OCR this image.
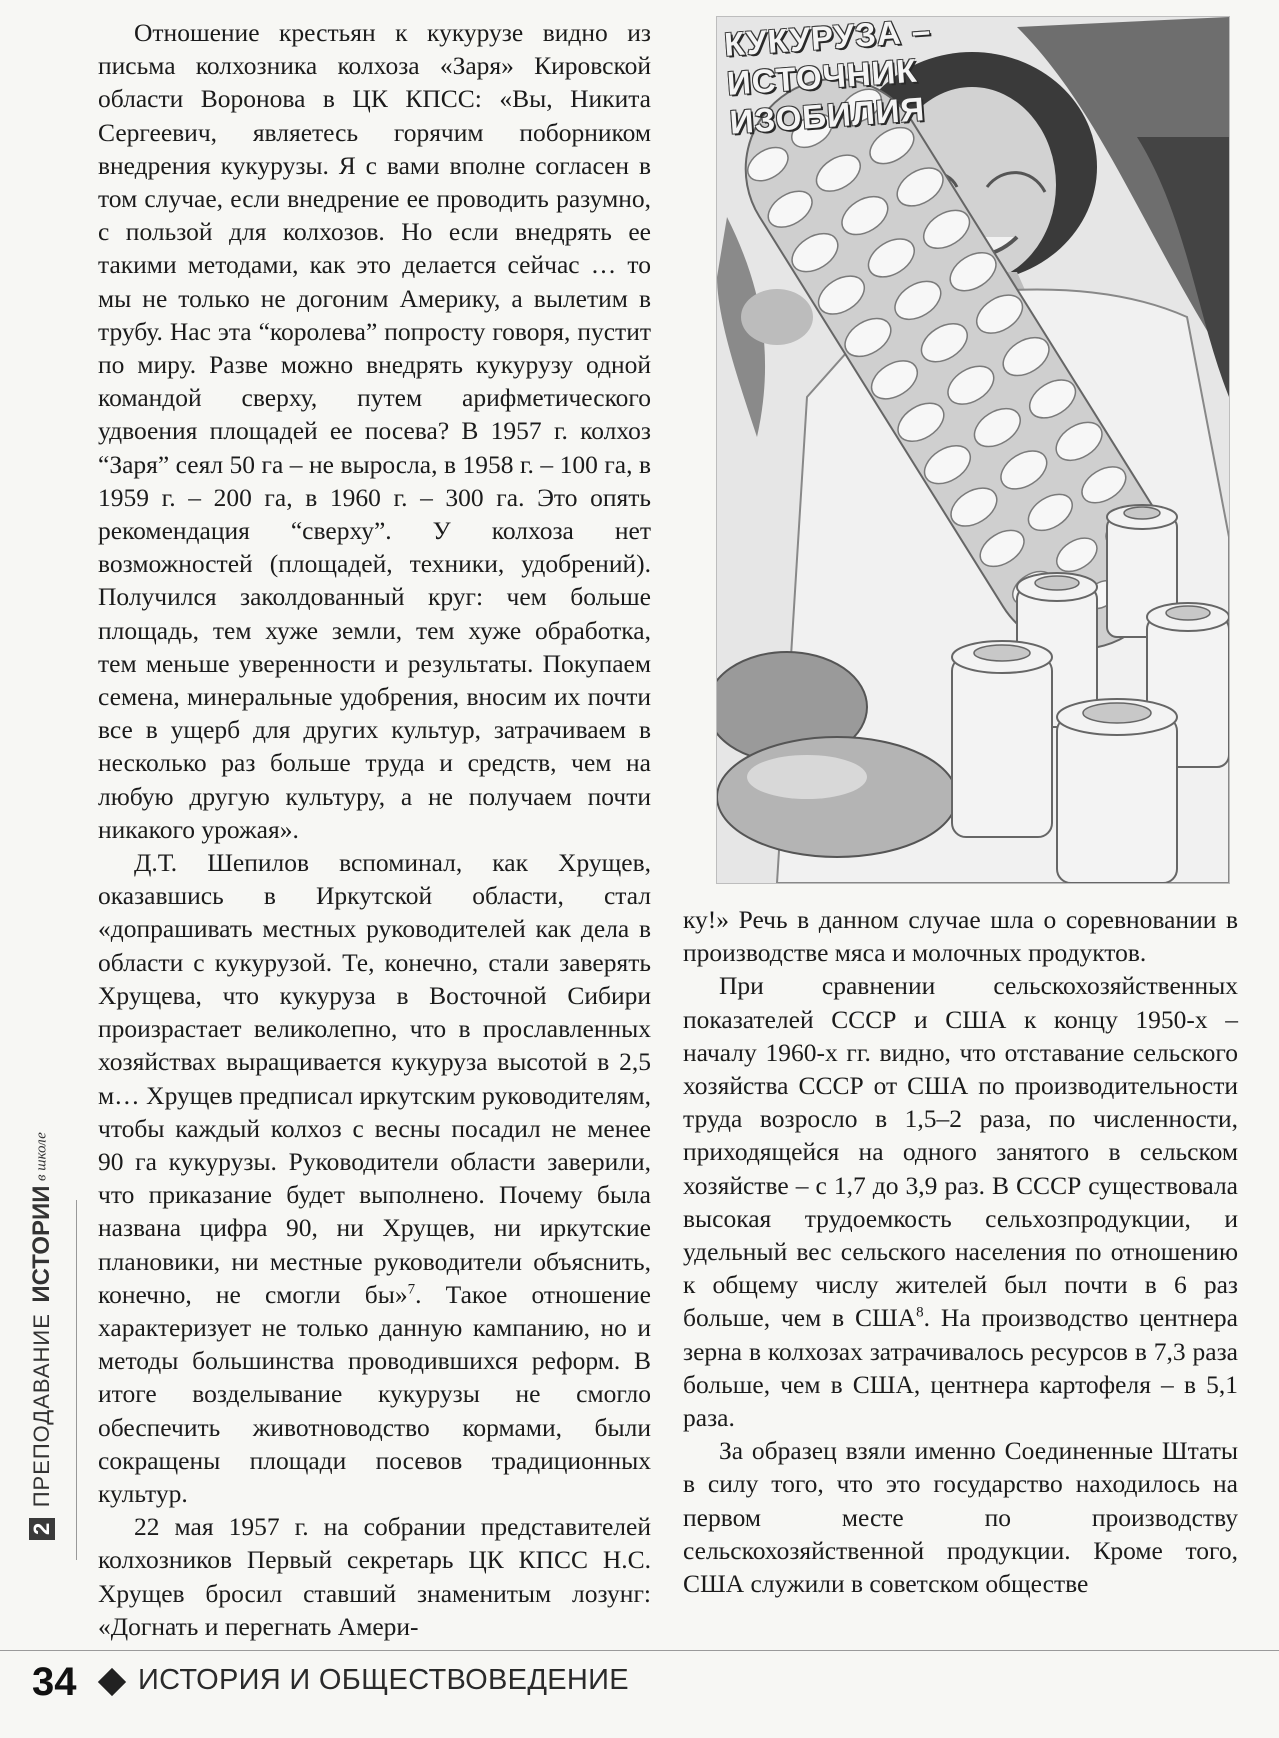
Отношение крестьян к кукурузе видно из письма колхозника колхоза «Заря» Кировской области Воронова в ЦК КПСС: «Вы, Никита Сергеевич, являетесь горячим поборником внедрения кукурузы. Я с вами вполне согласен в том случае, если внедрение ее проводить разумно, с пользой для колхозов. Но если внедрять ее такими методами, как это делается сейчас … то мы не только не догоним Америку, а вылетим в трубу. Нас эта “королева” попросту говоря, пустит по миру. Разве можно внедрять кукурузу одной командой сверху, путем арифметического удвоения площадей ее посева? В 1957 г. колхоз “Заря” сеял 50 га – не выросла, в 1958 г. – 100 га, в 1959 г. – 200 га, в 1960 г. – 300 га. Это опять рекомендация “сверху”. У колхоза нет возможностей (площадей, техники, удобрений). Получился заколдованный круг: чем больше площадь, тем хуже земли, тем хуже обработка, тем меньше уверенности и результаты. Покупаем семена, минеральные удобрения, вносим их почти все в ущерб для других культур, затрачиваем в несколько раз больше труда и средств, чем на любую другую культуру, а не получаем почти никакого урожая».

Д.Т. Шепилов вспоминал, как Хрущев, оказавшись в Иркутской области, стал «допрашивать местных руководителей как дела в области с кукурузой. Те, конечно, стали заверять Хрущева, что кукуруза в Восточной Сибири произрастает великолепно, что в прославленных хозяйствах выращивается кукуруза высотой в 2,5 м… Хрущев предписал иркутским руководителям, чтобы каждый колхоз с весны посадил не менее 90 га кукурузы. Руководители области заверили, что приказание будет выполнено. Почему была названа цифра 90, ни Хрущев, ни иркутские плановики, ни местные руководители объяснить, конечно, не смогли бы»$^7$. Такое отношение характеризует не только данную кампанию, но и методы большинства проводившихся реформ. В итоге возделывание кукурузы не смогло обеспечить животноводство кормами, были сокращены площади посевов традиционных культур.

22 мая 1957 г. на собрании представителей колхозников Первый секретарь ЦК КПСС Н.С. Хрущев бросил ставший знаменитым лозунг: «Догнать и перегнать Амери-

КУКУРУЗА –
ИСТОЧНИК
ИЗОБИЛИЯ

ку!» Речь в данном случае шла о соревновании в производстве мяса и молочных продуктов.

При сравнении сельскохозяйственных показателей СССР и США к концу 1950-х – началу 1960-х гг. видно, что отставание сельского хозяйства СССР от США по производительности труда возросло в 1,5–2 раза, по численности, приходящейся на одного занятого в сельском хозяйстве – с 1,7 до 3,9 раз. В СССР существовала высокая трудоемкость сельхозпродукции, и удельный вес сельского населения по отношению к общему числу жителей был почти в 6 раз больше, чем в США$^8$. На производство центнера зерна в колхозах затрачивалось ресурсов в 7,3 раза больше, чем в США, центнера картофеля – в 5,1 раза.

За образец взяли именно Соединенные Штаты в силу того, что это государство находилось на первом месте по производству сельскохозяйственной продукции. Кроме того, США служили в советском обществе

2 ПРЕПОДАВАНИЕ ИСТОРИИ в школе
34 ИСТОРИЯ И ОБЩЕСТВОВЕДЕНИЕ
